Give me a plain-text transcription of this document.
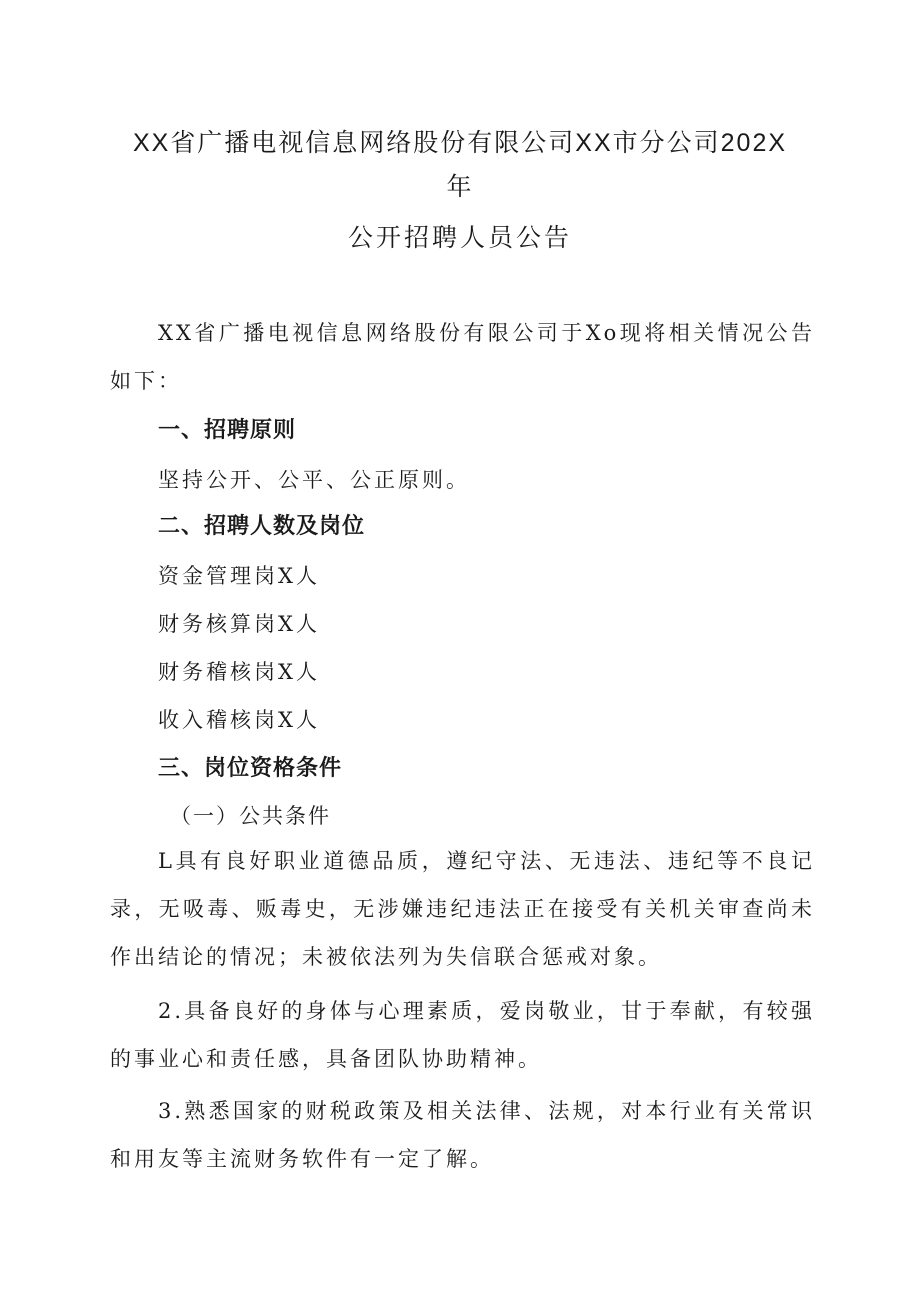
XX省广播电视信息网络股份有限公司XX市分公司202X
年
公开招聘人员公告
XX省广播电视信息网络股份有限公司于Xo现将相关情况公告如下：
一、招聘原则
坚持公开、公平、公正原则。
二、招聘人数及岗位
资金管理岗X人
财务核算岗X人
财务稽核岗X人
收入稽核岗X人
三、岗位资格条件
（一）公共条件
L具有良好职业道德品质，遵纪守法、无违法、违纪等不良记录，无吸毒、贩毒史，无涉嫌违纪违法正在接受有关机关审查尚未作出结论的情况；未被依法列为失信联合惩戒对象。
2.具备良好的身体与心理素质，爱岗敬业，甘于奉献，有较强的事业心和责任感，具备团队协助精神。
3.熟悉国家的财税政策及相关法律、法规，对本行业有关常识和用友等主流财务软件有一定了解。
